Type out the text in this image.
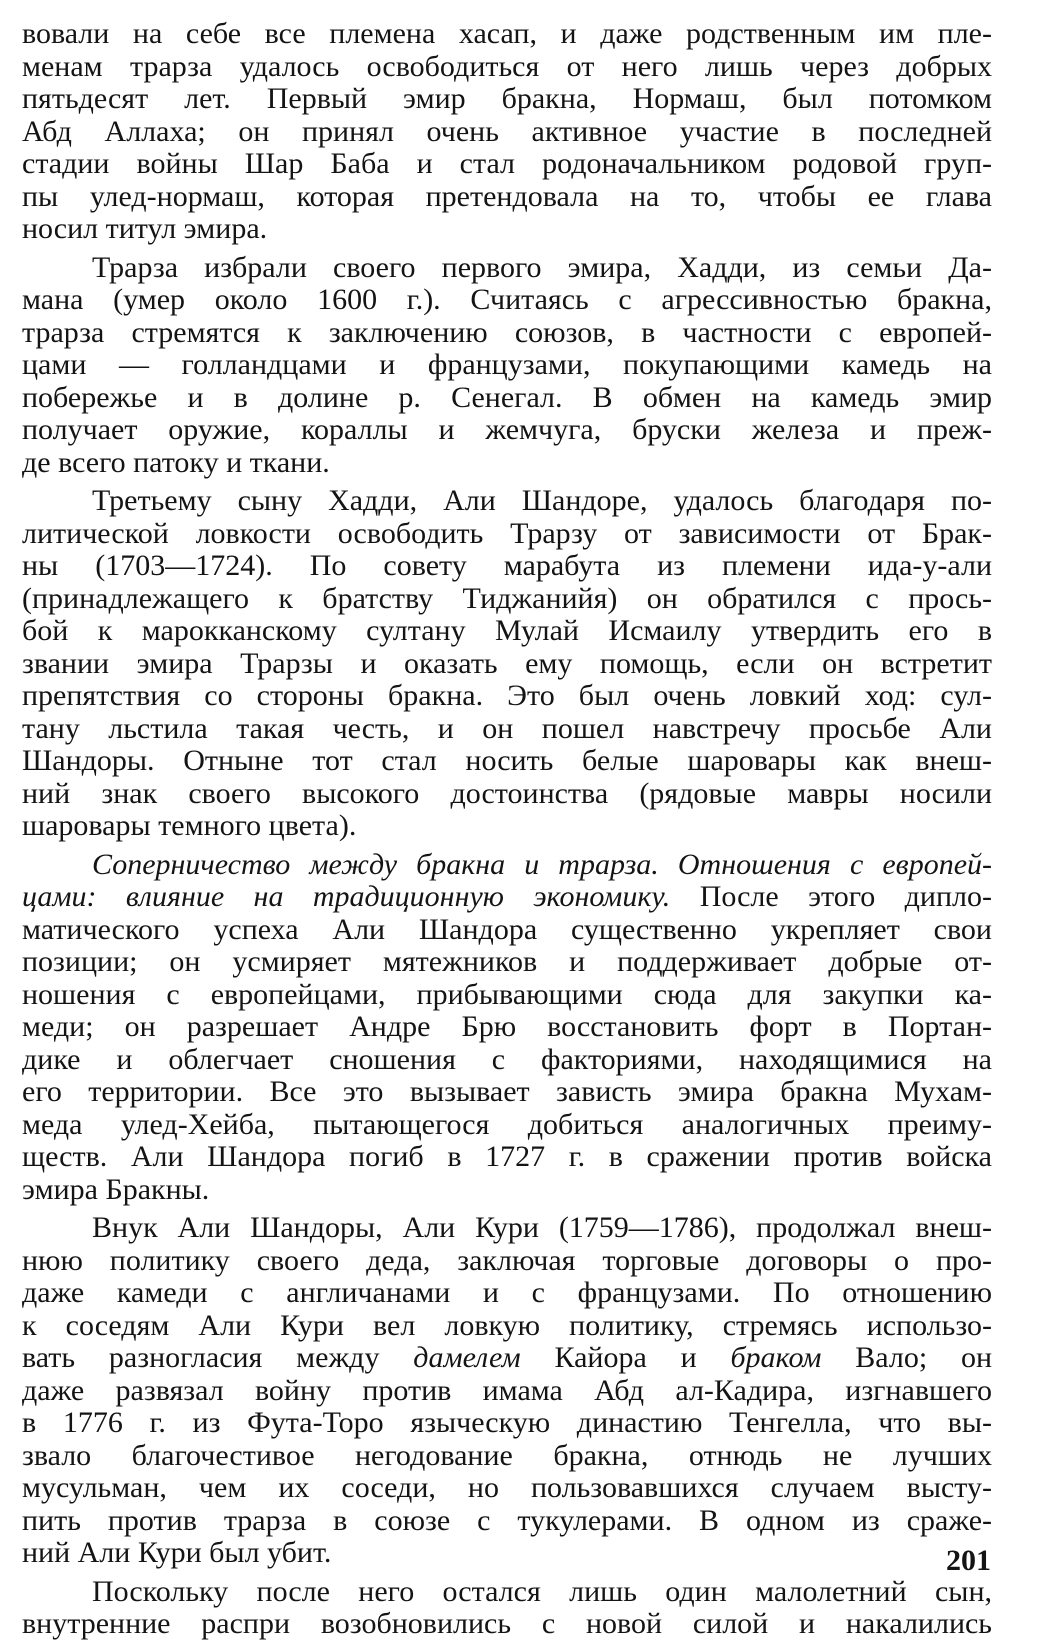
вовали на себе все племена хасап, и даже родственным им пле-
менам трарза удалось освободиться от него лишь через добрых
пятьдесят лет. Первый эмир бракна, Нормаш, был потомком
Абд Аллаха; он принял очень активное участие в последней
стадии войны Шар Баба и стал родоначальником родовой груп-
пы улед-нормаш, которая претендовала на то, чтобы ее глава
носил титул эмира.
Трарза избрали своего первого эмира, Хадди, из семьи Да-
мана (умер около 1600 г.). Считаясь с агрессивностью бракна,
трарза стремятся к заключению союзов, в частности с европей-
цами — голландцами и французами, покупающими камедь на
побережье и в долине р. Сенегал. В обмен на камедь эмир
получает оружие, кораллы и жемчуга, бруски железа и преж-
де всего патоку и ткани.
Третьему сыну Хадди, Али Шандоре, удалось благодаря по-
литической ловкости освободить Трарзу от зависимости от Брак-
ны (1703—1724). По совету марабута из племени ида-у-али
(принадлежащего к братству Тиджанийя) он обратился с прось-
бой к марокканскому султану Мулай Исмаилу утвердить его в
звании эмира Трарзы и оказать ему помощь, если он встретит
препятствия со стороны бракна. Это был очень ловкий ход: сул-
тану льстила такая честь, и он пошел навстречу просьбе Али
Шандоры. Отныне тот стал носить белые шаровары как внеш-
ний знак своего высокого достоинства (рядовые мавры носили
шаровары темного цвета).
Соперничество между бракна и трарза. Отношения с европей-
цами: влияние на традиционную экономику. После этого дипло-
матического успеха Али Шандора существенно укрепляет свои
позиции; он усмиряет мятежников и поддерживает добрые от-
ношения с европейцами, прибывающими сюда для закупки ка-
меди; он разрешает Андре Брю восстановить форт в Портан-
дике и облегчает сношения с факториями, находящимися на
его территории. Все это вызывает зависть эмира бракна Мухам-
меда улед-Хейба, пытающегося добиться аналогичных преиму-
ществ. Али Шандора погиб в 1727 г. в сражении против войска
эмира Бракны.
Внук Али Шандоры, Али Кури (1759—1786), продолжал внеш-
нюю политику своего деда, заключая торговые договоры о про-
даже камеди с англичанами и с французами. По отношению
к соседям Али Кури вел ловкую политику, стремясь использо-
вать разногласия между дамелем Кайора и браком Вало; он
даже развязал войну против имама Абд ал-Кадира, изгнавшего
в 1776 г. из Фута-Торо языческую династию Тенгелла, что вы-
звало благочестивое негодование бракна, отнюдь не лучших
мусульман, чем их соседи, но пользовавшихся случаем высту-
пить против трарза в союзе с тукулерами. В одном из сраже-
ний Али Кури был убит.
Поскольку после него остался лишь один малолетний сын,
внутренние распри возобновились с новой силой и накалились
201
